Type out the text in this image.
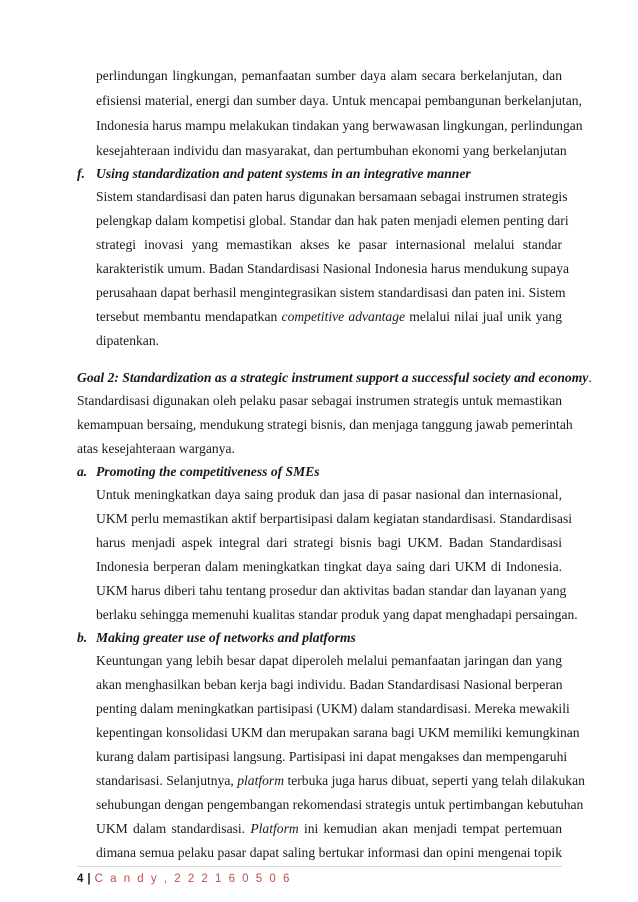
perlindungan lingkungan, pemanfaatan sumber daya alam secara berkelanjutan, dan
efisiensi material, energi dan sumber daya. Untuk mencapai pembangunan berkelanjutan,
Indonesia harus mampu melakukan tindakan yang berwawasan lingkungan, perlindungan
kesejahteraan individu dan masyarakat, dan pertumbuhan ekonomi yang berkelanjutan
f. Using standardization and patent systems in an integrative manner
Sistem standardisasi dan paten harus digunakan bersamaan sebagai instrumen strategis
pelengkap dalam kompetisi global. Standar dan hak paten menjadi elemen penting dari
strategi inovasi yang memastikan akses ke pasar internasional melalui standar
karakteristik umum. Badan Standardisasi Nasional Indonesia harus mendukung supaya
perusahaan dapat berhasil mengintegrasikan sistem standardisasi dan paten ini. Sistem
tersebut membantu mendapatkan competitive advantage melalui nilai jual unik yang
dipatenkan.
Goal 2: Standardization as a strategic instrument support a successful society and economy.
Standardisasi digunakan oleh pelaku pasar sebagai instrumen strategis untuk memastikan
kemampuan bersaing, mendukung strategi bisnis, dan menjaga tanggung jawab pemerintah
atas kesejahteraan warganya.
a. Promoting the competitiveness of SMEs
Untuk meningkatkan daya saing produk dan jasa di pasar nasional dan internasional,
UKM perlu memastikan aktif berpartisipasi dalam kegiatan standardisasi. Standardisasi
harus menjadi aspek integral dari strategi bisnis bagi UKM. Badan Standardisasi
Indonesia berperan dalam meningkatkan tingkat daya saing dari UKM di Indonesia.
UKM harus diberi tahu tentang prosedur dan aktivitas badan standar dan layanan yang
berlaku sehingga memenuhi kualitas standar produk yang dapat menghadapi persaingan.
b. Making greater use of networks and platforms
Keuntungan yang lebih besar dapat diperoleh melalui pemanfaatan jaringan dan yang
akan menghasilkan beban kerja bagi individu. Badan Standardisasi Nasional berperan
penting dalam meningkatkan partisipasi (UKM) dalam standardisasi. Mereka mewakili
kepentingan konsolidasi UKM dan merupakan sarana bagi UKM memiliki kemungkinan
kurang dalam partisipasi langsung. Partisipasi ini dapat mengakses dan mempengaruhi
standarisasi. Selanjutnya, platform terbuka juga harus dibuat, seperti yang telah dilakukan
4 | C a n d y , 2 2 2 1 6 0 5 0 6
sehubungan dengan pengembangan rekomendasi strategis untuk pertimbangan kebutuhan
UKM dalam standardisasi. Platform ini kemudian akan menjadi tempat pertemuan
dimana semua pelaku pasar dapat saling bertukar informasi dan opini mengenai topik
